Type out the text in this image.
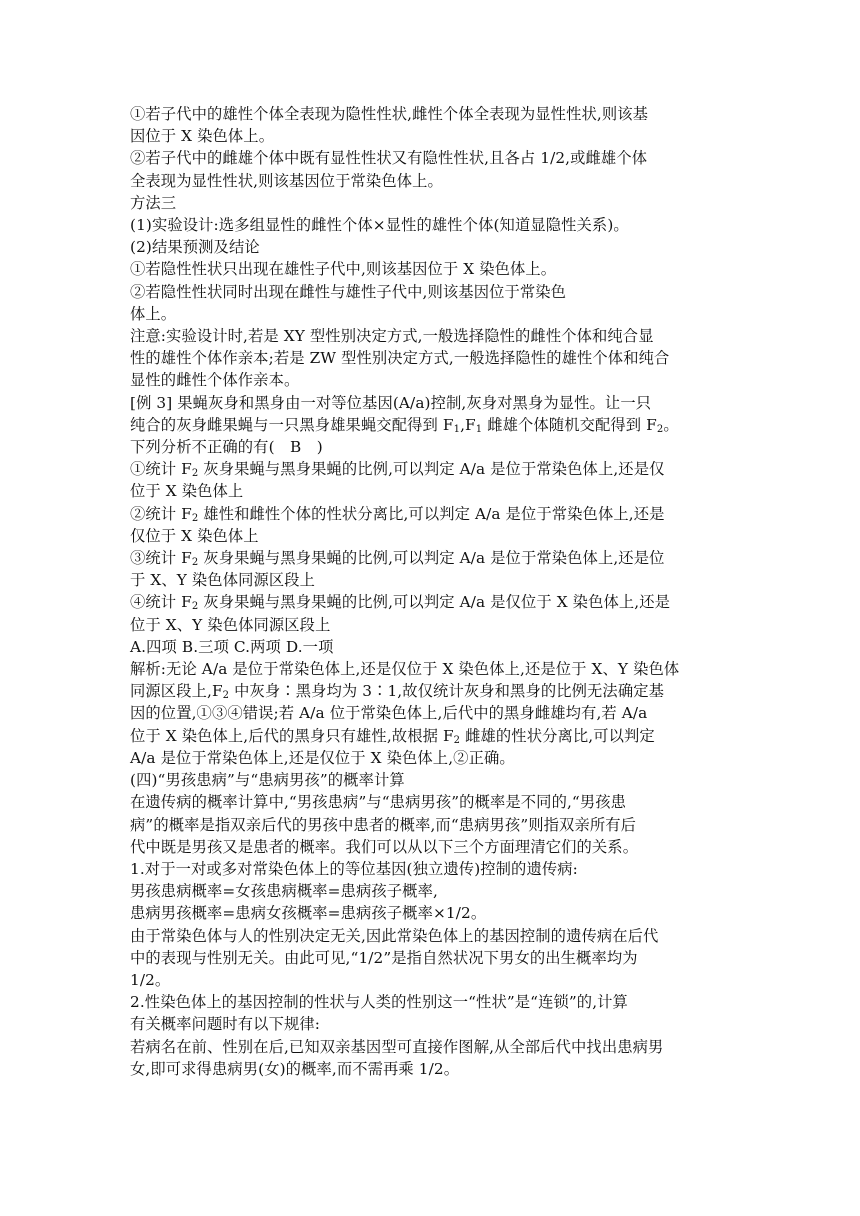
①若子代中的雄性个体全表现为隐性性状,雌性个体全表现为显性性状,则该基

因位于 X 染色体上。

②若子代中的雌雄个体中既有显性性状又有隐性性状,且各占 1/2,或雌雄个体

全表现为显性性状,则该基因位于常染色体上。

方法三

(1)实验设计:选多组显性的雌性个体×显性的雄性个体(知道显隐性关系)。

(2)结果预测及结论

①若隐性性状只出现在雄性子代中,则该基因位于 X 染色体上。

②若隐性性状同时出现在雌性与雄性子代中,则该基因位于常染色

体上。

注意:实验设计时,若是 XY 型性别决定方式,一般选择隐性的雌性个体和纯合显

性的雄性个体作亲本;若是 ZW 型性别决定方式,一般选择隐性的雄性个体和纯合

显性的雌性个体作亲本。

[例 3] 果蝇灰身和黑身由一对等位基因(A/a)控制,灰身对黑身为显性。让一只

纯合的灰身雌果蝇与一只黑身雄果蝇交配得到 $F_1,F_1$ 雌雄个体随机交配得到 $F_2$。

下列分析不正确的有(　B　)

①统计 $F_2$ 灰身果蝇与黑身果蝇的比例,可以判定 A/a 是位于常染色体上,还是仅

位于 X 染色体上

②统计 $F_2$ 雄性和雌性个体的性状分离比,可以判定 A/a 是位于常染色体上,还是

仅位于 X 染色体上

③统计 $F_2$ 灰身果蝇与黑身果蝇的比例,可以判定 A/a 是位于常染色体上,还是位

于 X、Y 染色体同源区段上

④统计 $F_2$ 灰身果蝇与黑身果蝇的比例,可以判定 A/a 是仅位于 X 染色体上,还是

位于 X、Y 染色体同源区段上

A.四项 B.三项 C.两项 D.一项

解析:无论 A/a 是位于常染色体上,还是仅位于 X 染色体上,还是位于 X、Y 染色体

同源区段上$,F_2$ 中灰身∶黑身均为 3∶1,故仅统计灰身和黑身的比例无法确定基

因的位置,①③④错误;若 A/a 位于常染色体上,后代中的黑身雌雄均有,若 A/a

位于 X 染色体上,后代的黑身只有雄性,故根据 $F_2$ 雌雄的性状分离比,可以判定

A/a 是位于常染色体上,还是仅位于 X 染色体上,②正确。

(四)“男孩患病”与“患病男孩”的概率计算

在遗传病的概率计算中,“男孩患病”与“患病男孩”的概率是不同的,“男孩患

病”的概率是指双亲后代的男孩中患者的概率,而“患病男孩”则指双亲所有后

代中既是男孩又是患者的概率。我们可以从以下三个方面理清它们的关系。

1.对于一对或多对常染色体上的等位基因(独立遗传)控制的遗传病:

男孩患病概率=女孩患病概率=患病孩子概率,

患病男孩概率=患病女孩概率=患病孩子概率×1/2。

由于常染色体与人的性别决定无关,因此常染色体上的基因控制的遗传病在后代

中的表现与性别无关。由此可见,“1/2”是指自然状况下男女的出生概率均为

1/2。

2.性染色体上的基因控制的性状与人类的性别这一“性状”是“连锁”的,计算

有关概率问题时有以下规律:

若病名在前、性别在后,已知双亲基因型可直接作图解,从全部后代中找出患病男

女,即可求得患病男(女)的概率,而不需再乘 1/2。
